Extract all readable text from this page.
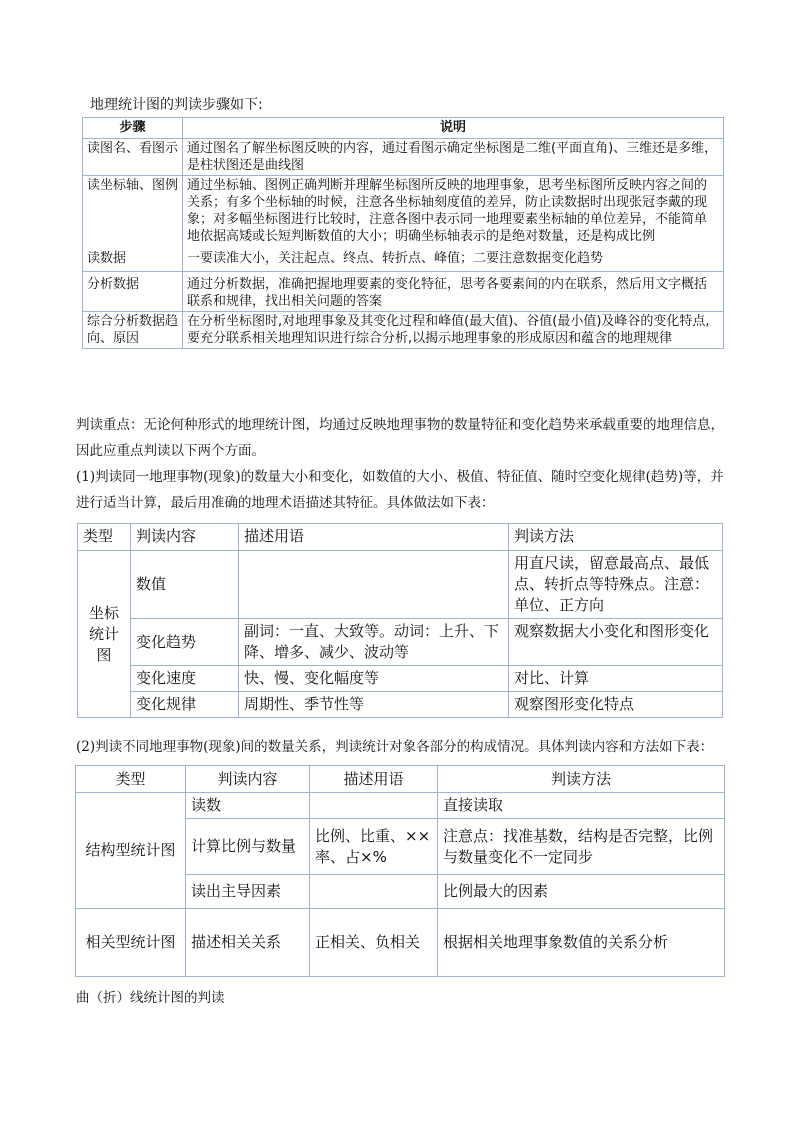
地理统计图的判读步骤如下:
步骤	说明
读图名、看图示	通过图名了解坐标图反映的内容，通过看图示确定坐标图是二维(平面直角)、三维还是多维，是柱状图还是曲线图
读坐标轴、图例	通过坐标轴、图例正确判断并理解坐标图所反映的地理事象，思考坐标图所反映内容之间的关系；有多个坐标轴的时候，注意各坐标轴刻度值的差异，防止读数据时出现张冠李戴的现象；对多幅坐标图进行比较时，注意各图中表示同一地理要素坐标轴的单位差异，不能简单地依据高矮或长短判断数值的大小；明确坐标轴表示的是绝对数量，还是构成比例
读数据	一要读准大小，关注起点、终点、转折点、峰值；二要注意数据变化趋势
分析数据	通过分析数据，准确把握地理要素的变化特征，思考各要素间的内在联系，然后用文字概括联系和规律，找出相关问题的答案
综合分析数据趋向、原因	在分析坐标图时,对地理事象及其变化过程和峰值(最大值)、谷值(最小值)及峰谷的变化特点,要充分联系相关地理知识进行综合分析,以揭示地理事象的形成原因和蕴含的地理规律
判读重点：无论何种形式的地理统计图，均通过反映地理事物的数量特征和变化趋势来承载重要的地理信息，因此应重点判读以下两个方面。
(1)判读同一地理事物(现象)的数量大小和变化，如数值的大小、极值、特征值、随时空变化规律(趋势)等，并进行适当计算，最后用准确的地理术语描述其特征。具体做法如下表：
类型	判读内容	描述用语	判读方法
坐标统计图	数值		用直尺读，留意最高点、最低点、转折点等特殊点。注意：单位、正方向
	变化趋势	副词：一直、大致等。动词：上升、下降、增多、减少、波动等	观察数据大小变化和图形变化
	变化速度	快、慢、变化幅度等	对比、计算
	变化规律	周期性、季节性等	观察图形变化特点
(2)判读不同地理事物(现象)间的数量关系，判读统计对象各部分的构成情况。具体判读内容和方法如下表：
类型	判读内容	描述用语	判读方法
结构型统计图	读数		直接读取
	计算比例与数量	比例、比重、××率、占×%	注意点：找准基数，结构是否完整，比例与数量变化不一定同步
	读出主导因素		比例最大的因素
相关型统计图	描述相关关系	正相关、负相关	根据相关地理事象数值的关系分析
曲（折）线统计图的判读
